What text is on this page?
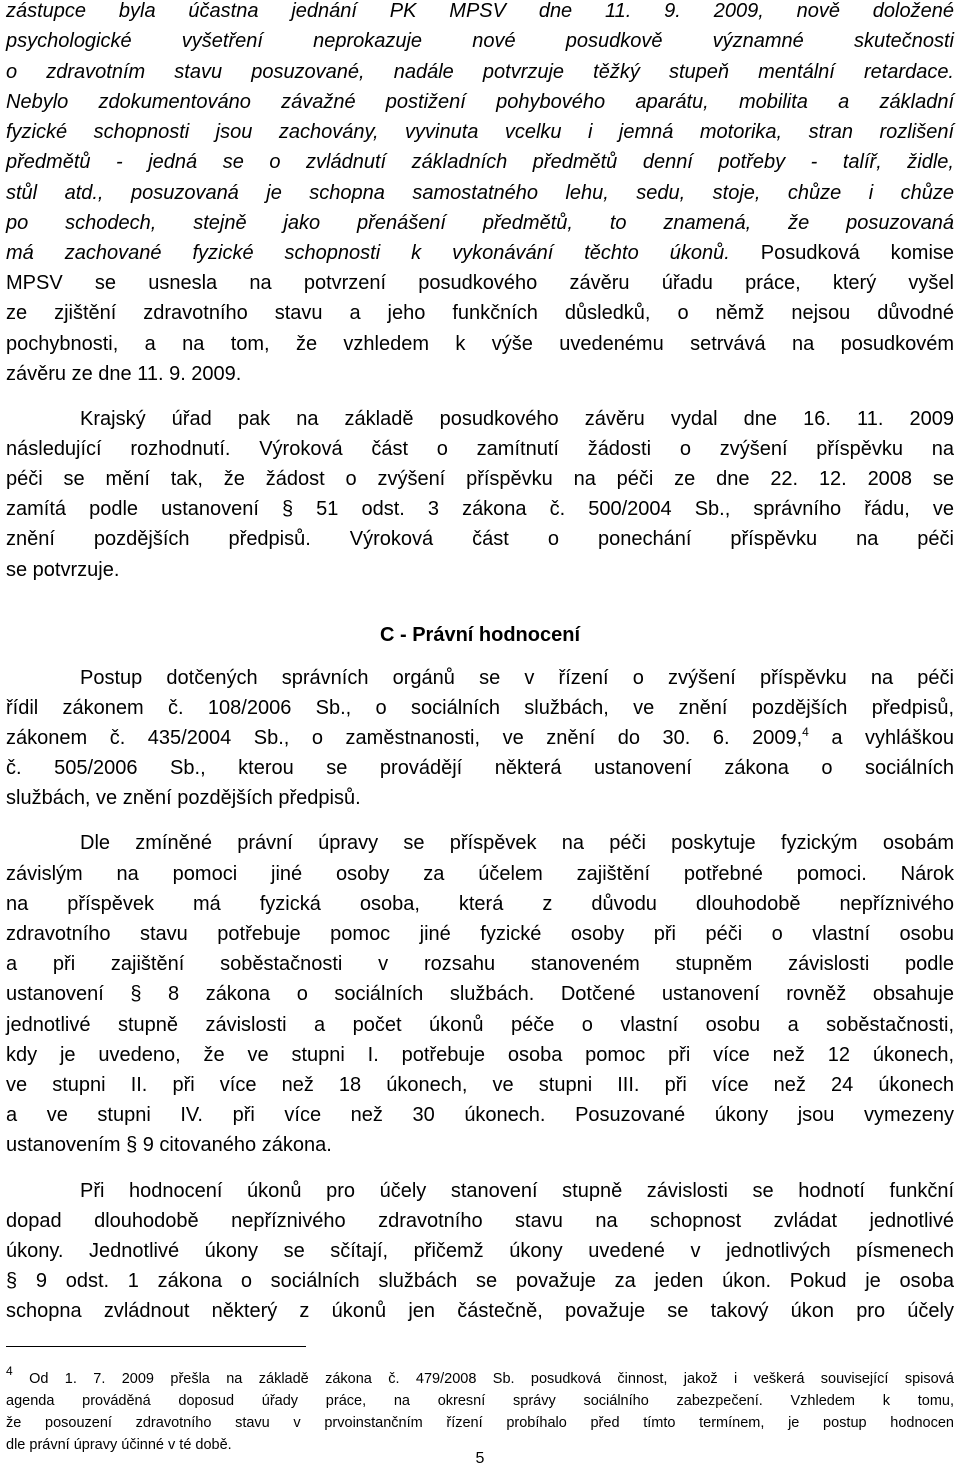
zástupce byla účastna jednání PK MPSV dne 11. 9. 2009, nově doložené
psychologické vyšetření neprokazuje nové posudkově významné skutečnosti
o zdravotním stavu posuzované, nadále potvrzuje těžký stupeň mentální retardace.
Nebylo zdokumentováno závažné postižení pohybového aparátu, mobilita a základní
fyzické schopnosti jsou zachovány, vyvinuta vcelku i jemná motorika, stran rozlišení
předmětů - jedná se o zvládnutí základních předmětů denní potřeby - talíř, židle,
stůl atd., posuzovaná je schopna samostatného lehu, sedu, stoje, chůze i chůze
po schodech, stejně jako přenášení předmětů, to znamená, že posuzovaná
má zachované fyzické schopnosti k vykonávání těchto úkonů. Posudková komise
MPSV se usnesla na potvrzení posudkového závěru úřadu práce, který vyšel
ze zjištění zdravotního stavu a jeho funkčních důsledků, o němž nejsou důvodné
pochybnosti, a na tom, že vzhledem k výše uvedenému setrvává na posudkovém
závěru ze dne 11. 9. 2009.
Krajský úřad pak na základě posudkového závěru vydal dne 16. 11. 2009
následující rozhodnutí. Výroková část o zamítnutí žádosti o zvýšení příspěvku na
péči se mění tak, že žádost o zvýšení příspěvku na péči ze dne 22. 12. 2008 se
zamítá podle ustanovení § 51 odst. 3 zákona č. 500/2004 Sb., správního řádu, ve
znění pozdějších předpisů. Výroková část o ponechání příspěvku na péči
se potvrzuje.
C - Právní hodnocení
Postup dotčených správních orgánů se v řízení o zvýšení příspěvku na péči
řídil zákonem č. 108/2006 Sb., o sociálních službách, ve znění pozdějších předpisů,
zákonem č. 435/2004 Sb., o zaměstnanosti, ve znění do 30. 6. 2009,$^4$ a vyhláškou
č. 505/2006 Sb., kterou se provádějí některá ustanovení zákona o sociálních
službách, ve znění pozdějších předpisů.
Dle zmíněné právní úpravy se příspěvek na péči poskytuje fyzickým osobám
závislým na pomoci jiné osoby za účelem zajištění potřebné pomoci. Nárok
na příspěvek má fyzická osoba, která z důvodu dlouhodobě nepříznivého
zdravotního stavu potřebuje pomoc jiné fyzické osoby při péči o vlastní osobu
a při zajištění soběstačnosti v rozsahu stanoveném stupněm závislosti podle
ustanovení § 8 zákona o sociálních službách. Dotčené ustanovení rovněž obsahuje
jednotlivé stupně závislosti a počet úkonů péče o vlastní osobu a soběstačnosti,
kdy je uvedeno, že ve stupni I. potřebuje osoba pomoc při více než 12 úkonech,
ve stupni II. při více než 18 úkonech, ve stupni III. při více než 24 úkonech
a ve stupni IV. při více než 30 úkonech. Posuzované úkony jsou vymezeny
ustanovením § 9 citovaného zákona.
Při hodnocení úkonů pro účely stanovení stupně závislosti se hodnotí funkční
dopad dlouhodobě nepříznivého zdravotního stavu na schopnost zvládat jednotlivé
úkony. Jednotlivé úkony se sčítají, přičemž úkony uvedené v jednotlivých písmenech
§ 9 odst. 1 zákona o sociálních službách se považuje za jeden úkon. Pokud je osoba
schopna zvládnout některý z úkonů jen částečně, považuje se takový úkon pro účely
$^4$ Od 1. 7. 2009 přešla na základě zákona č. 479/2008 Sb. posudková činnost, jakož i veškerá související spisová
agenda prováděná doposud úřady práce, na okresní správy sociálního zabezpečení. Vzhledem k tomu,
že posouzení zdravotního stavu v prvoinstančním řízení probíhalo před tímto termínem, je postup hodnocen
dle právní úpravy účinné v té době.
5
